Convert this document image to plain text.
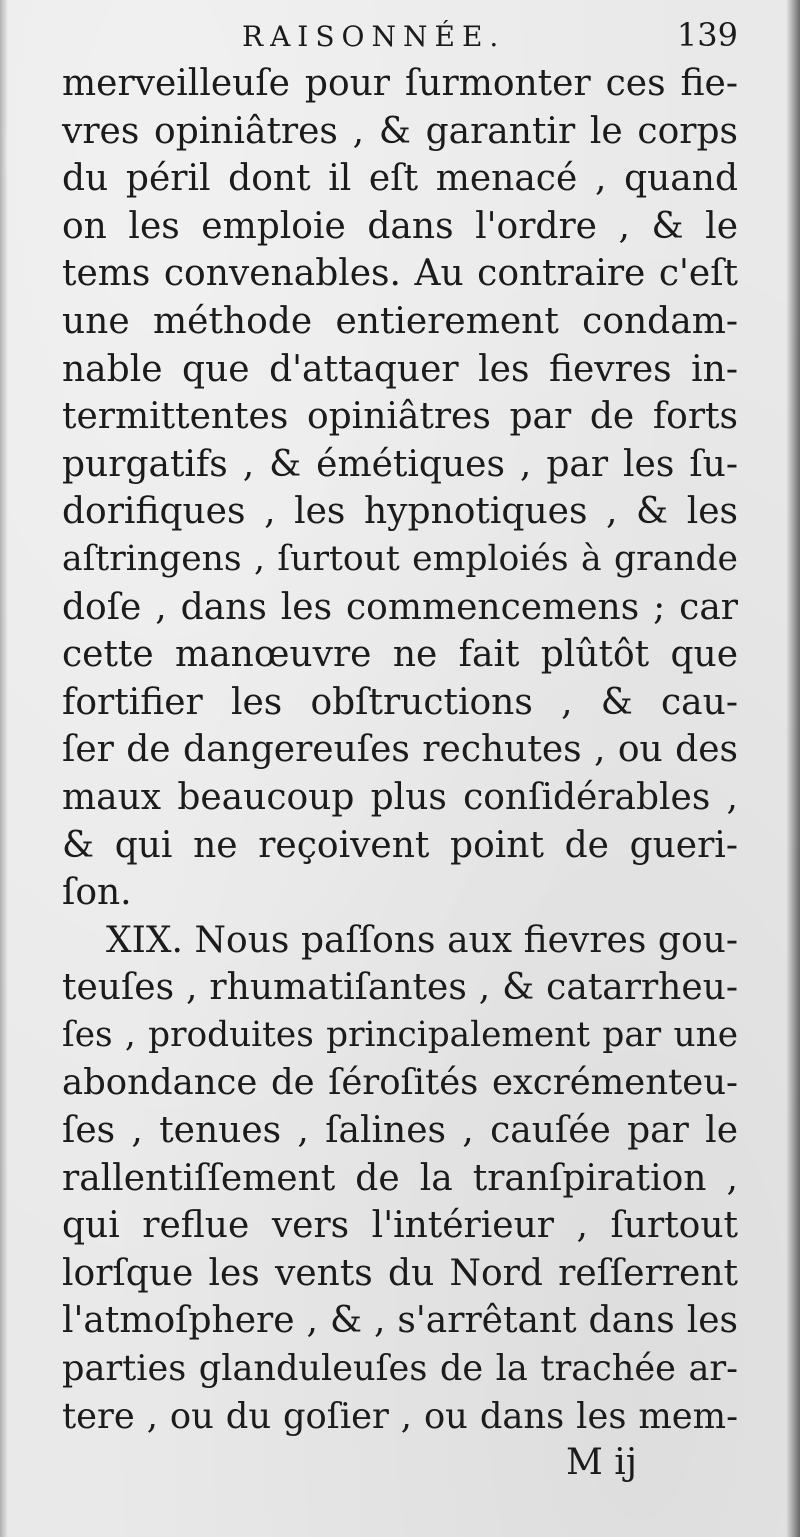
RAISONNÉE.	139
merveilleuſe pour ſurmonter ces fie-
vres opiniâtres , & garantir le corps
du péril dont il eſt menacé , quand
on les emploie dans l'ordre , & le
tems convenables. Au contraire c'eſt
une méthode entierement condam-
nable que d'attaquer les fievres in-
termittentes opiniâtres par de forts
purgatifs , & émétiques , par les ſu-
dorifiques , les hypnotiques , & les
aſtringens , ſurtout emploiés à grande
doſe , dans les commencemens ; car
cette manœuvre ne fait plûtôt que
fortifier les obſtructions , & cau-
ſer de dangereuſes rechutes , ou des
maux beaucoup plus conſidérables ,
& qui ne reçoivent point de gueri-
ſon.
XIX. Nous paſſons aux fievres gou-
teuſes , rhumatiſantes , & catarrheu-
ſes , produites principalement par une
abondance de ſéroſités excrémenteu-
ſes , tenues , ſalines , cauſée par le
rallentiſſement de la tranſpiration ,
qui reflue vers l'intérieur , ſurtout
lorſque les vents du Nord reſſerrent
l'atmoſphere , & , s'arrêtant dans les
parties glanduleuſes de la trachée ar-
tere , ou du goſier , ou dans les mem-
M ij
